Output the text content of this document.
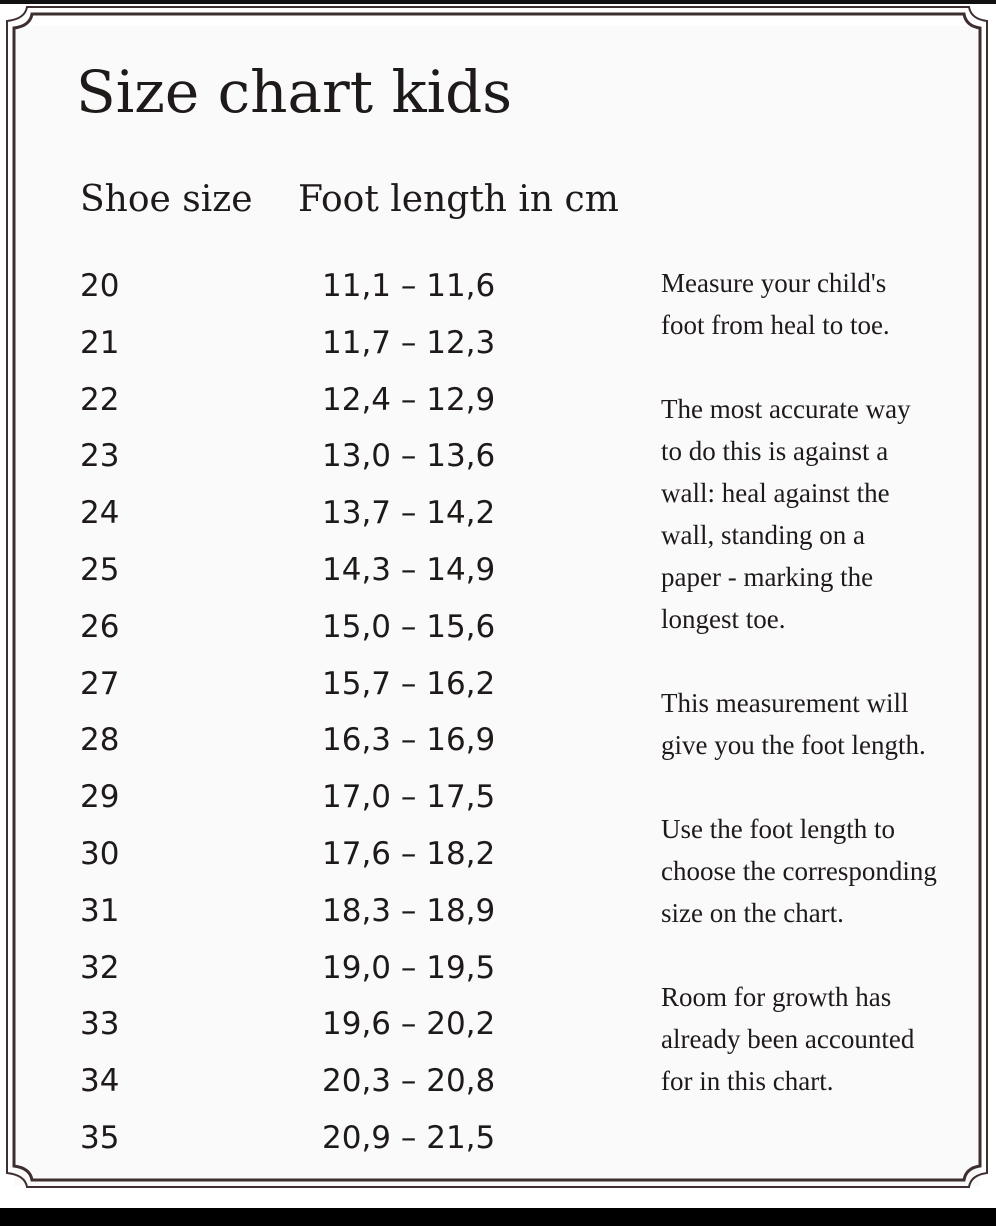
Size chart kids
Shoe size Foot length in cm
20	11,1 – 11,6
21	11,7 – 12,3
22	12,4 – 12,9
23	13,0 – 13,6
24	13,7 – 14,2
25	14,3 – 14,9
26	15,0 – 15,6
27	15,7 – 16,2
28	16,3 – 16,9
29	17,0 – 17,5
30	17,6 – 18,2
31	18,3 – 18,9
32	19,0 – 19,5
33	19,6 – 20,2
34	20,3 – 20,8
35	20,9 – 21,5

Measure your child's
foot from heal to toe.

The most accurate way
to do this is against a
wall: heal against the
wall, standing on a
paper - marking the
longest toe.

This measurement will
give you the foot length.

Use the foot length to
choose the corresponding
size on the chart.

Room for growth has
already been accounted
for in this chart.
